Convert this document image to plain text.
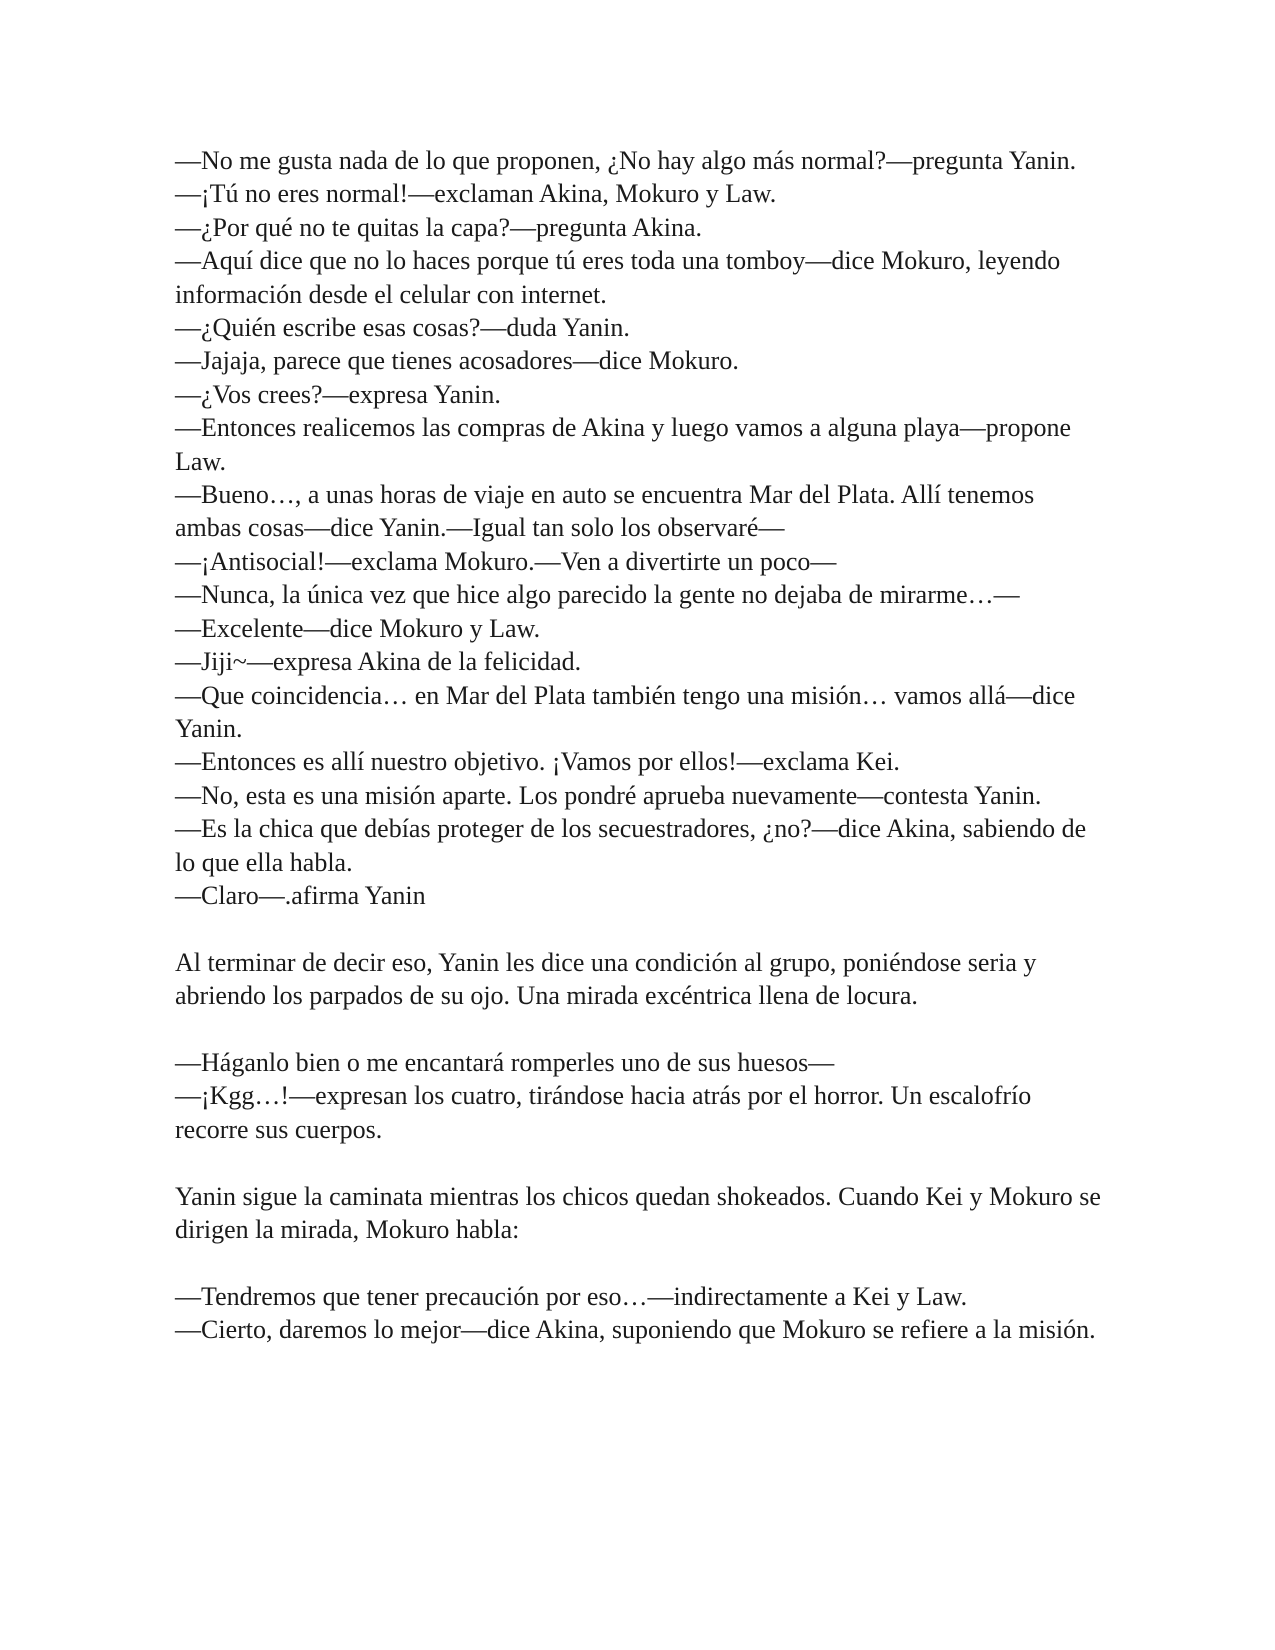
—No me gusta nada de lo que proponen, ¿No hay algo más normal?—pregunta Yanin.

—¡Tú no eres normal!—exclaman Akina, Mokuro y Law.

—¿Por qué no te quitas la capa?—pregunta Akina.

—Aquí dice que no lo haces porque tú eres toda una tomboy—dice Mokuro, leyendo información desde el celular con internet.

—¿Quién escribe esas cosas?—duda Yanin.

—Jajaja, parece que tienes acosadores—dice Mokuro.

—¿Vos crees?—expresa Yanin.

—Entonces realicemos las compras de Akina y luego vamos a alguna playa—propone Law.

—Bueno…, a unas horas de viaje en auto se encuentra Mar del Plata. Allí tenemos ambas cosas—dice Yanin.—Igual tan solo los observaré—

—¡Antisocial!—exclama Mokuro.—Ven a divertirte un poco—

—Nunca, la única vez que hice algo parecido la gente no dejaba de mirarme…—

—Excelente—dice Mokuro y Law.

—Jiji~—expresa Akina de la felicidad.

—Que coincidencia… en Mar del Plata también tengo una misión… vamos allá—dice Yanin.

—Entonces es allí nuestro objetivo. ¡Vamos por ellos!—exclama Kei.

—No, esta es una misión aparte. Los pondré aprueba nuevamente—contesta Yanin.

—Es la chica que debías proteger de los secuestradores, ¿no?—dice Akina, sabiendo de lo que ella habla.

—Claro—.afirma Yanin

Al terminar de decir eso, Yanin les dice una condición al grupo, poniéndose seria y abriendo los parpados de su ojo. Una mirada excéntrica llena de locura.

—Háganlo bien o me encantará romperles uno de sus huesos—

—¡Kgg…!—expresan los cuatro, tirándose hacia atrás por el horror. Un escalofrío recorre sus cuerpos.

Yanin sigue la caminata mientras los chicos quedan shokeados. Cuando Kei y Mokuro se dirigen la mirada, Mokuro habla:

—Tendremos que tener precaución por eso…—indirectamente a Kei y Law.

—Cierto, daremos lo mejor—dice Akina, suponiendo que Mokuro se refiere a la misión.
